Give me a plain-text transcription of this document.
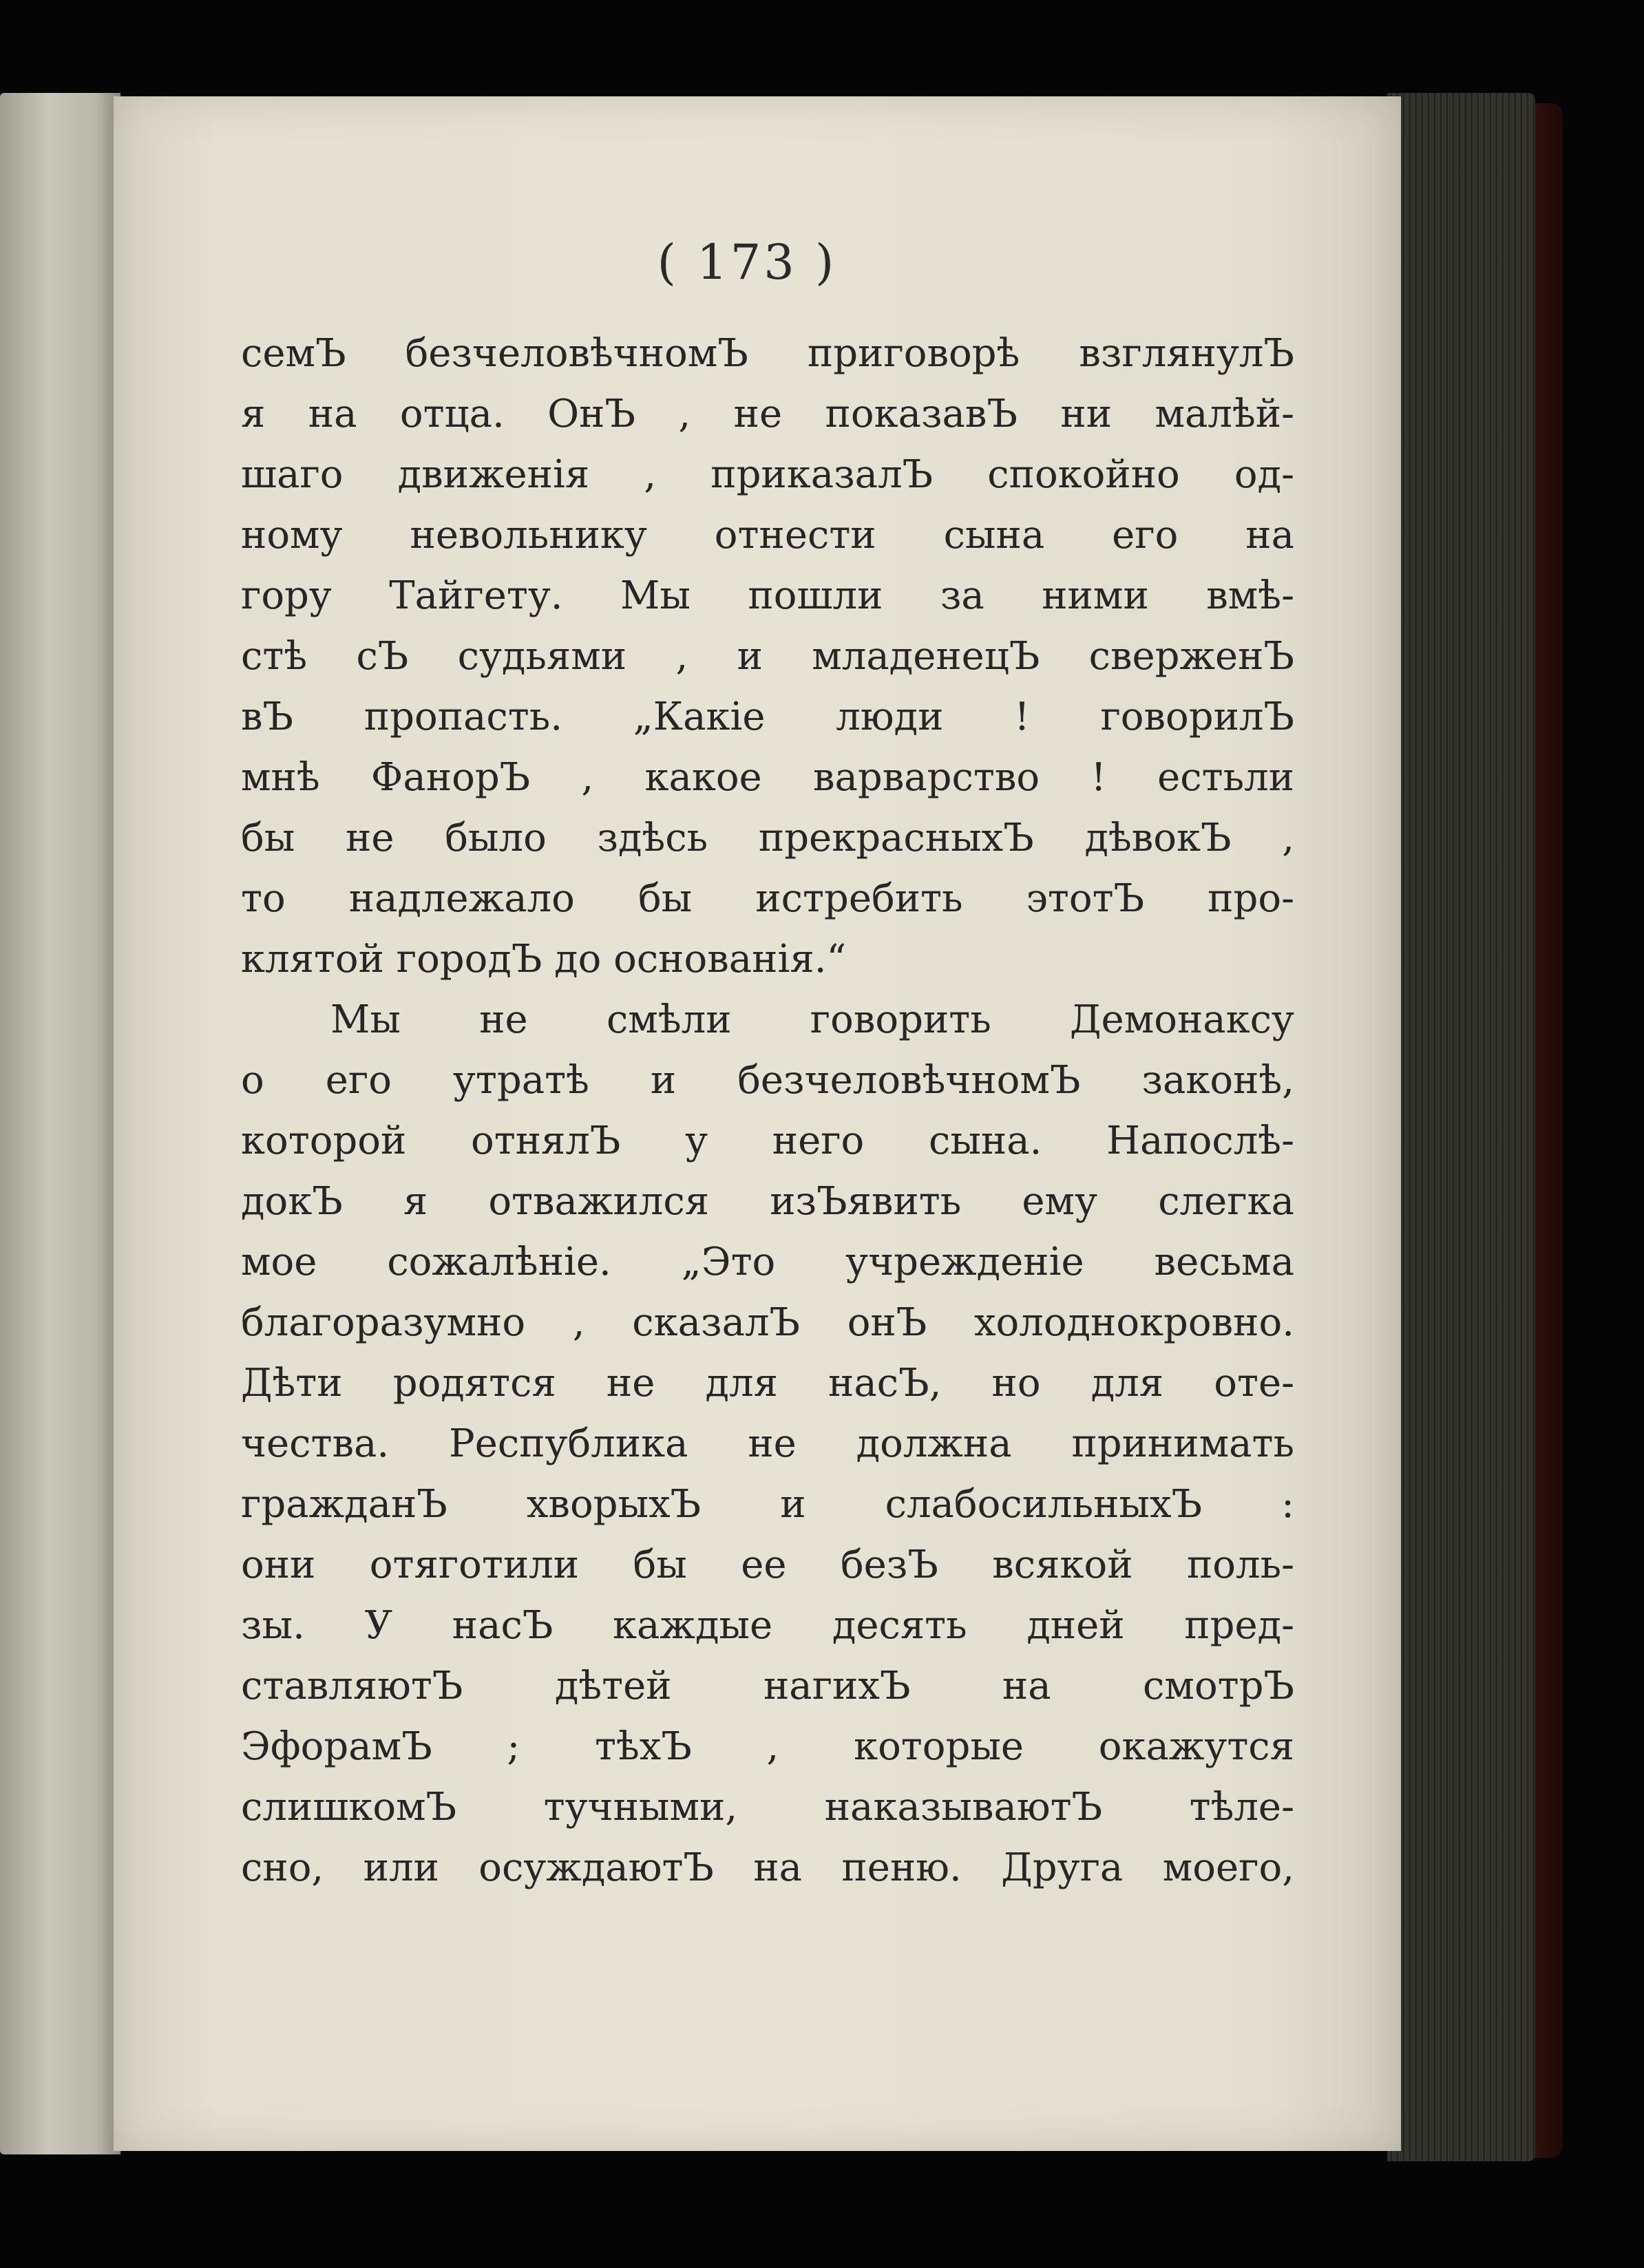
( 173 )
семЪ безчеловѣчномЪ приговорѣ взглянулЪ
я на отца. ОнЪ , не показавЪ ни малѣй-
шаго движенія , приказалЪ спокойно од-
ному невольнику отнести сына его на
гору Тайгету. Мы пошли за ними вмѣ-
стѣ сЪ судьями , и младенецЪ сверженЪ
вЪ пропасть. „Какіе люди ! говорилЪ
мнѣ ФанорЪ , какое варварство ! естьли
бы не было здѣсь прекрасныхЪ дѣвокЪ ,
то надлежало бы истребить этотЪ про-
клятой городЪ до основанія.“
Мы не смѣли говорить Демонаксу
о его утратѣ и безчеловѣчномЪ законѣ,
которой отнялЪ у него сына. Напослѣ-
докЪ я отважился изЪявить ему слегка
мое сожалѣніе. „Это учрежденіе весьма
благоразумно , сказалЪ онЪ холоднокровно.
Дѣти родятся не для насЪ, но для оте-
чества. Республика не должна принимать
гражданЪ хворыхЪ и слабосильныхЪ :
они отяготили бы ее безЪ всякой поль-
зы. У насЪ каждые десять дней пред-
ставляютЪ дѣтей нагихЪ на смотрЪ
ЭфорамЪ ; тѣхЪ , которые окажутся
слишкомЪ тучными, наказываютЪ тѣле-
сно, или осуждаютЪ на пеню. Друга моего,
